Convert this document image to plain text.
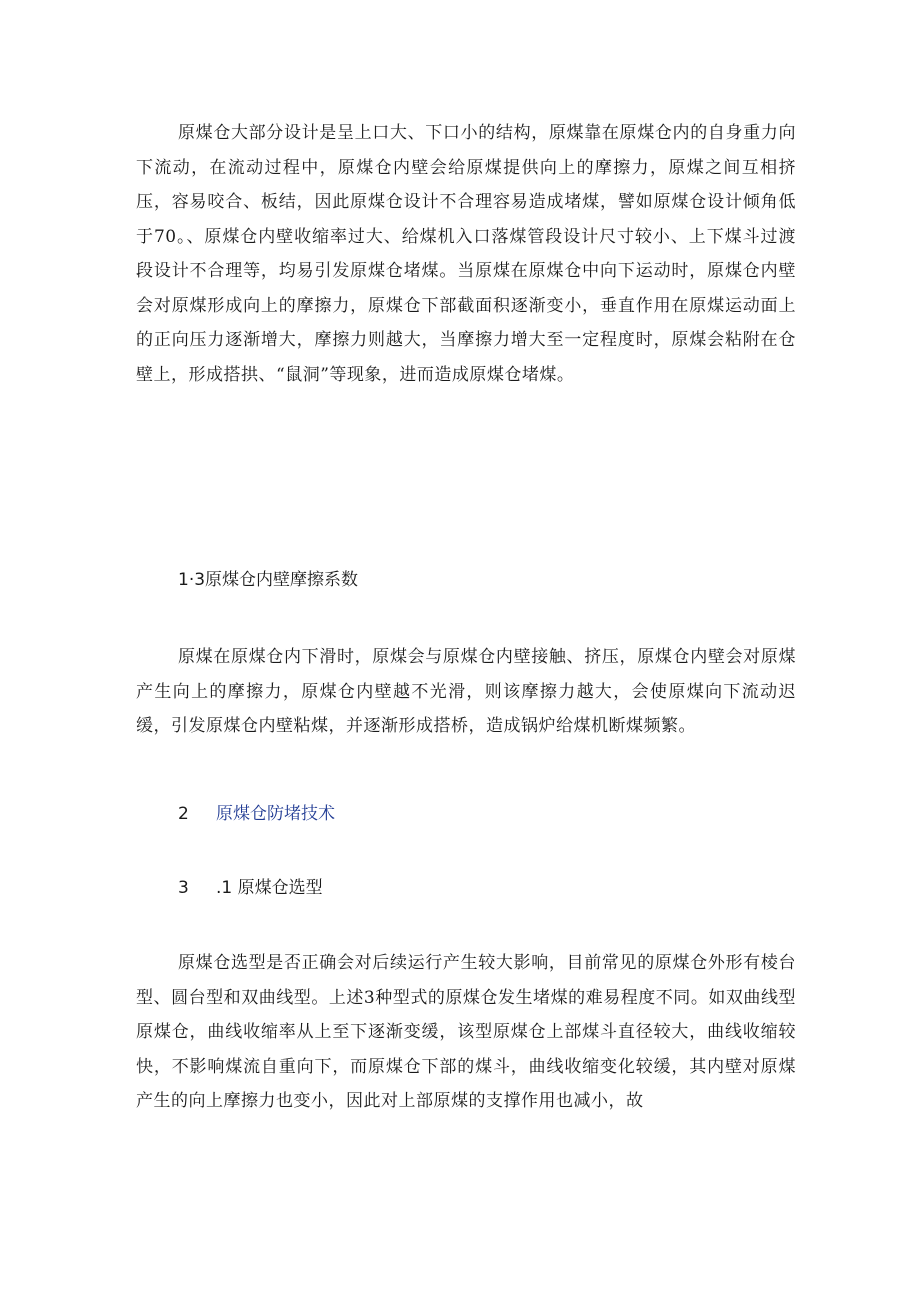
原煤仓大部分设计是呈上口大、下口小的结构，原煤靠在原煤仓内的自身重力向下流动，在流动过程中，原煤仓内壁会给原煤提供向上的摩擦力，原煤之间互相挤压，容易咬合、板结，因此原煤仓设计不合理容易造成堵煤，譬如原煤仓设计倾角低于70。、原煤仓内壁收缩率过大、给煤机入口落煤管段设计尺寸较小、上下煤斗过渡段设计不合理等，均易引发原煤仓堵煤。当原煤在原煤仓中向下运动时，原煤仓内壁会对原煤形成向上的摩擦力，原煤仓下部截面积逐渐变小，垂直作用在原煤运动面上的正向压力逐渐增大，摩擦力则越大，当摩擦力增大至一定程度时，原煤会粘附在仓壁上，形成搭拱、“鼠洞”等现象，进而造成原煤仓堵煤。

1·3原煤仓内壁摩擦系数

原煤在原煤仓内下滑时，原煤会与原煤仓内壁接触、挤压，原煤仓内壁会对原煤产生向上的摩擦力，原煤仓内壁越不光滑，则该摩擦力越大，会使原煤向下流动迟缓，引发原煤仓内壁粘煤，并逐渐形成搭桥，造成锅炉给煤机断煤频繁。

2 原煤仓防堵技术

3 .1 原煤仓选型

原煤仓选型是否正确会对后续运行产生较大影响，目前常见的原煤仓外形有棱台型、圆台型和双曲线型。上述3种型式的原煤仓发生堵煤的难易程度不同。如双曲线型原煤仓，曲线收缩率从上至下逐渐变缓，该型原煤仓上部煤斗直径较大，曲线收缩较快，不影响煤流自重向下，而原煤仓下部的煤斗，曲线收缩变化较缓，其内壁对原煤产生的向上摩擦力也变小，因此对上部原煤的支撑作用也减小，故
